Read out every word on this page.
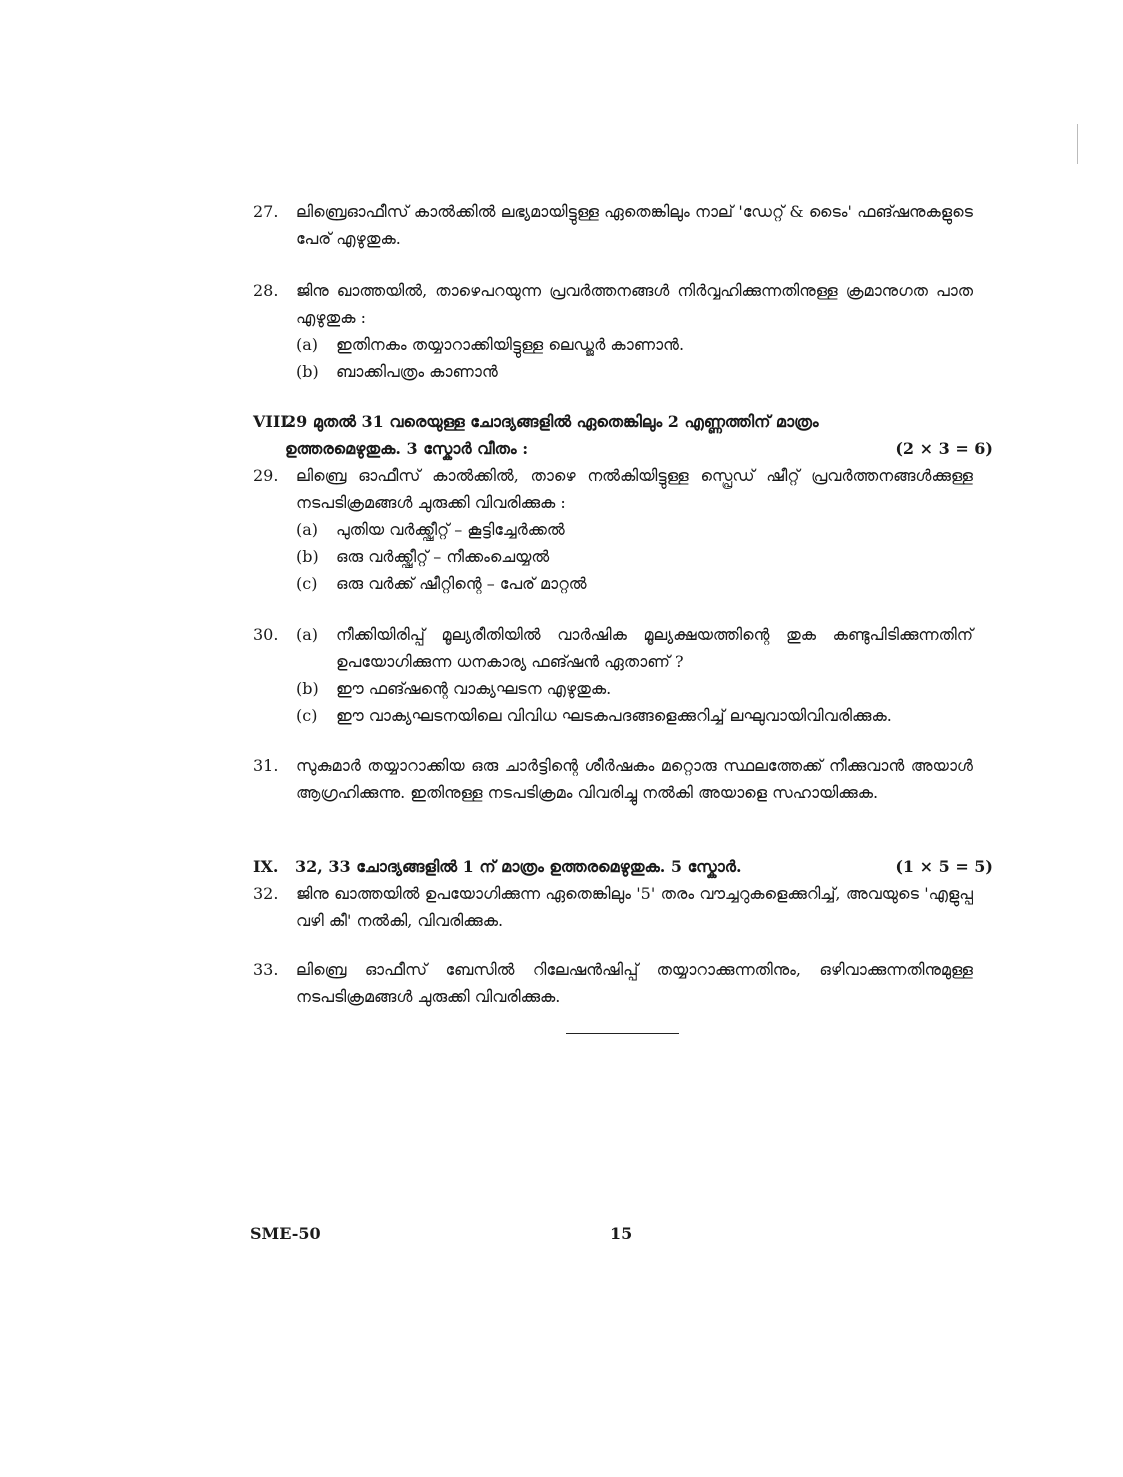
27.	ലിബ്രെഓഫീസ് കാൽക്കിൽ ലഭ്യമായിട്ടുള്ള ഏതെങ്കിലും നാല് 'ഡേറ്റ് & ടൈം' ഫങ്ഷനുകളുടെ പേര് എഴുതുക.
28.	ജിനു ഖാത്തയിൽ, താഴെപറയുന്ന പ്രവർത്തനങ്ങൾ നിർവ്വഹിക്കുന്നതിനുള്ള ക്രമാനുഗത പാത എഴുതുക :
(a)	ഇതിനകം തയ്യാറാക്കിയിട്ടുള്ള ലെഡ്ജർ കാണാൻ.
(b)	ബാക്കിപത്രം കാണാൻ
VIII.
29 മുതൽ 31 വരെയുള്ള ചോദ്യങ്ങളിൽ ഏതെങ്കിലും 2 എണ്ണത്തിന് മാത്രം
ഉത്തരമെഴുതുക. 3 സ്കോർ വീതം :	(2 × 3 = 6)
29.	ലിബ്രെ ഓഫീസ് കാൽക്കിൽ, താഴെ നൽകിയിട്ടുള്ള സ്പ്രെഡ് ഷീറ്റ് പ്രവർത്തനങ്ങൾക്കുള്ള നടപടിക്രമങ്ങൾ ചുരുക്കി വിവരിക്കുക :
(a)	പുതിയ വർക്ക്ഷീറ്റ് – കൂട്ടിച്ചേർക്കൽ
(b)	ഒരു വർക്ക്ഷീറ്റ് – നീക്കംചെയ്യൽ
(c)	ഒരു വർക്ക് ഷീറ്റിന്റെ – പേര് മാറ്റൽ
30.	(a)	നീക്കിയിരിപ്പ് മൂല്യരീതിയിൽ വാർഷിക മൂല്യക്ഷയത്തിന്റെ തുക കണ്ടുപിടിക്കുന്നതിന് ഉപയോഗിക്കുന്ന ധനകാര്യ ഫങ്ഷൻ ഏതാണ് ?
(b)	ഈ ഫങ്ഷന്റെ വാക്യഘടന എഴുതുക.
(c)	ഈ വാക്യഘടനയിലെ വിവിധ ഘടകപദങ്ങളെക്കുറിച്ച് ലഘുവായിവിവരിക്കുക.
31.	സുകുമാർ തയ്യാറാക്കിയ ഒരു ചാർട്ടിന്റെ ശീർഷകം മറ്റൊരു സ്ഥലത്തേക്ക് നീക്കുവാൻ അയാൾ ആഗ്രഹിക്കുന്നു. ഇതിനുള്ള നടപടിക്രമം വിവരിച്ചു നൽകി അയാളെ സഹായിക്കുക.
IX. 32, 33 ചോദ്യങ്ങളിൽ 1 ന് മാത്രം ഉത്തരമെഴുതുക. 5 സ്കോർ.	(1 × 5 = 5)
32.	ജിനു ഖാത്തയിൽ ഉപയോഗിക്കുന്ന ഏതെങ്കിലും '5' തരം വൗച്ചറുകളെക്കുറിച്ച്, അവയുടെ 'എളുപ്പ വഴി കീ' നൽകി, വിവരിക്കുക.
33.	ലിബ്രെ ഓഫീസ് ബേസിൽ റിലേഷൻഷിപ്പ് തയ്യാറാക്കുന്നതിനും, ഒഴിവാക്കുന്നതിനുമുള്ള നടപടിക്രമങ്ങൾ ചുരുക്കി വിവരിക്കുക.
SME-50	15
